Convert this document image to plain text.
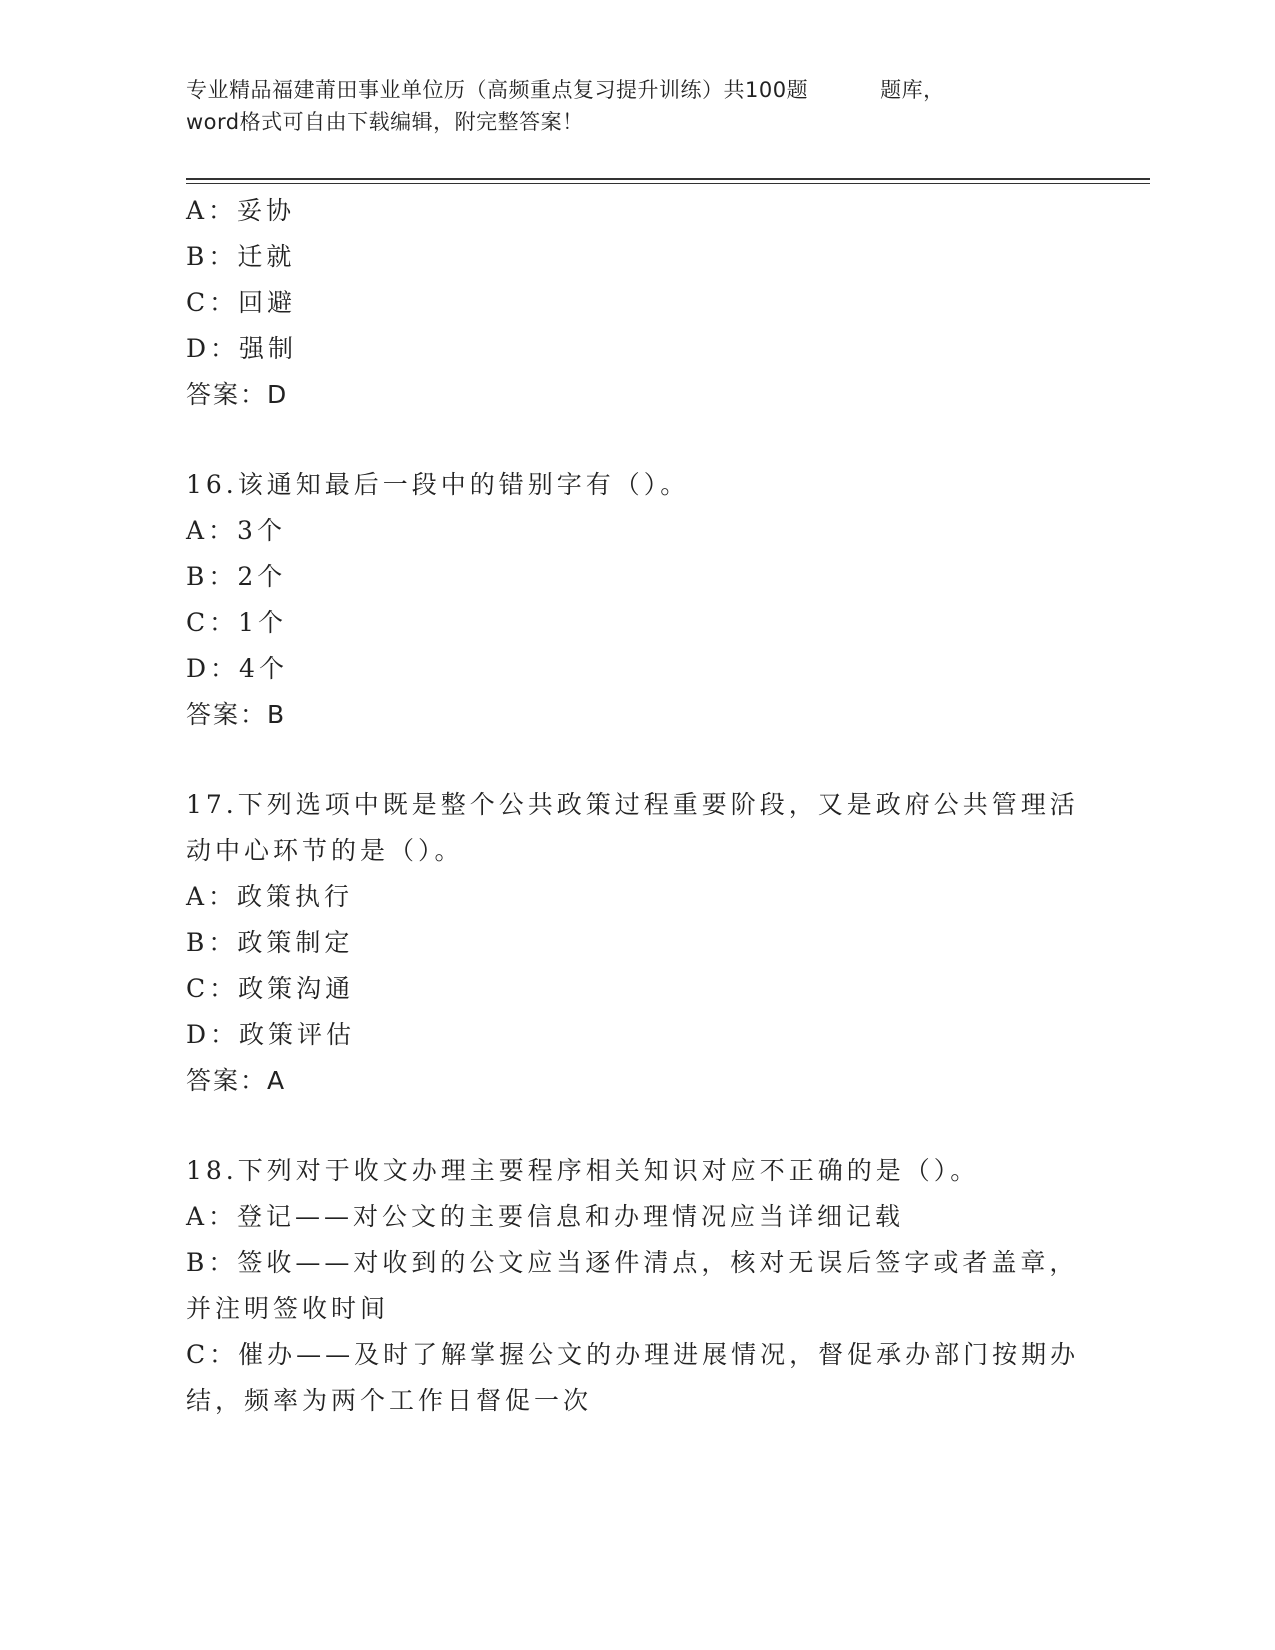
专业精品福建莆田事业单位历（高频重点复习提升训练）共100题	题库，
word格式可自由下载编辑，附完整答案！
A：妥协
B：迁就
C：回避
D：强制
答案：D
16.该通知最后一段中的错别字有（）。
A：3个
B：2个
C：1个
D：4个
答案：B
17.下列选项中既是整个公共政策过程重要阶段，又是政府公共管理活
动中心环节的是（）。
A：政策执行
B：政策制定
C：政策沟通
D：政策评估
答案：A
18.下列对于收文办理主要程序相关知识对应不正确的是（）。
A：登记——对公文的主要信息和办理情况应当详细记载
B：签收——对收到的公文应当逐件清点，核对无误后签字或者盖章，
并注明签收时间
C：催办——及时了解掌握公文的办理进展情况，督促承办部门按期办
结，频率为两个工作日督促一次
